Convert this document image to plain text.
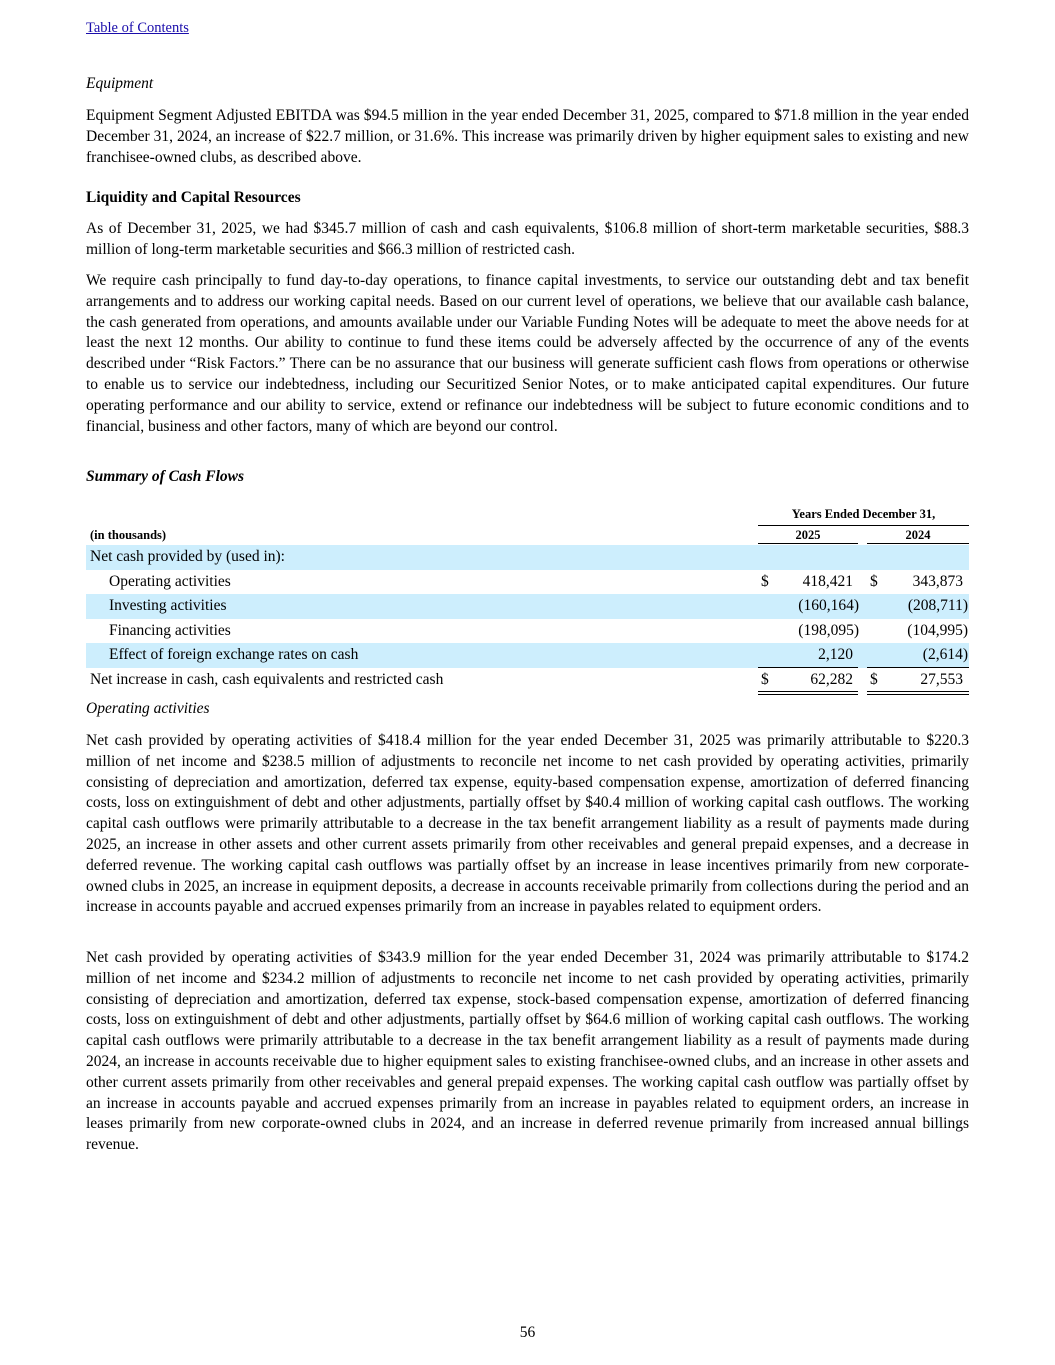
Table of Contents
Equipment

Equipment Segment Adjusted EBITDA was $94.5 million in the year ended December 31, 2025, compared to $71.8 million in the year ended December 31, 2024, an increase of $22.7 million, or 31.6%. This increase was primarily driven by higher equipment sales to existing and new franchisee-owned clubs, as described above.

Liquidity and Capital Resources

As of December 31, 2025, we had $345.7 million of cash and cash equivalents, $106.8 million of short-term marketable securities, $88.3 million of long-term marketable securities and $66.3 million of restricted cash.

We require cash principally to fund day-to-day operations, to finance capital investments, to service our outstanding debt and tax benefit arrangements and to address our working capital needs. Based on our current level of operations, we believe that our available cash balance, the cash generated from operations, and amounts available under our Variable Funding Notes will be adequate to meet the above needs for at least the next 12 months. Our ability to continue to fund these items could be adversely affected by the occurrence of any of the events described under “Risk Factors.” There can be no assurance that our business will generate sufficient cash flows from operations or otherwise to enable us to service our indebtedness, including our Securitized Senior Notes, or to make anticipated capital expenditures. Our future operating performance and our ability to service, extend or refinance our indebtedness will be subject to future economic conditions and to financial, business and other factors, many of which are beyond our control.

Summary of Cash Flows
Years Ended December 31,
(in thousands)	2025	2024
Net cash provided by (used in):
Operating activities	$	418,421 $	343,873
Investing activities	(160,164)	(208,711)
Financing activities	(198,095)	(104,995)
Effect of foreign exchange rates on cash	2,120	(2,614)
Net increase in cash, cash equivalents and restricted cash	$	62,282 $	27,553
Operating activities

Net cash provided by operating activities of $418.4 million for the year ended December 31, 2025 was primarily attributable to $220.3 million of net income and $238.5 million of adjustments to reconcile net income to net cash provided by operating activities, primarily consisting of depreciation and amortization, deferred tax expense, equity-based compensation expense, amortization of deferred financing costs, loss on extinguishment of debt and other adjustments, partially offset by $40.4 million of working capital cash outflows. The working capital cash outflows were primarily attributable to a decrease in the tax benefit arrangement liability as a result of payments made during 2025, an increase in other assets and other current assets primarily from other receivables and general prepaid expenses, and a decrease in deferred revenue. The working capital cash outflows was partially offset by an increase in lease incentives primarily from new corporate-owned clubs in 2025, an increase in equipment deposits, a decrease in accounts receivable primarily from collections during the period and an increase in accounts payable and accrued expenses primarily from an increase in payables related to equipment orders.

Net cash provided by operating activities of $343.9 million for the year ended December 31, 2024 was primarily attributable to $174.2 million of net income and $234.2 million of adjustments to reconcile net income to net cash provided by operating activities, primarily consisting of depreciation and amortization, deferred tax expense, stock-based compensation expense, amortization of deferred financing costs, loss on extinguishment of debt and other adjustments, partially offset by $64.6 million of working capital cash outflows. The working capital cash outflows were primarily attributable to a decrease in the tax benefit arrangement liability as a result of payments made during 2024, an increase in accounts receivable due to higher equipment sales to existing franchisee-owned clubs, and an increase in other assets and other current assets primarily from other receivables and general prepaid expenses. The working capital cash outflow was partially offset by an increase in accounts payable and accrued expenses primarily from an increase in payables related to equipment orders, an increase in leases primarily from new corporate-owned clubs in 2024, and an increase in deferred revenue primarily from increased annual billings revenue.

56
